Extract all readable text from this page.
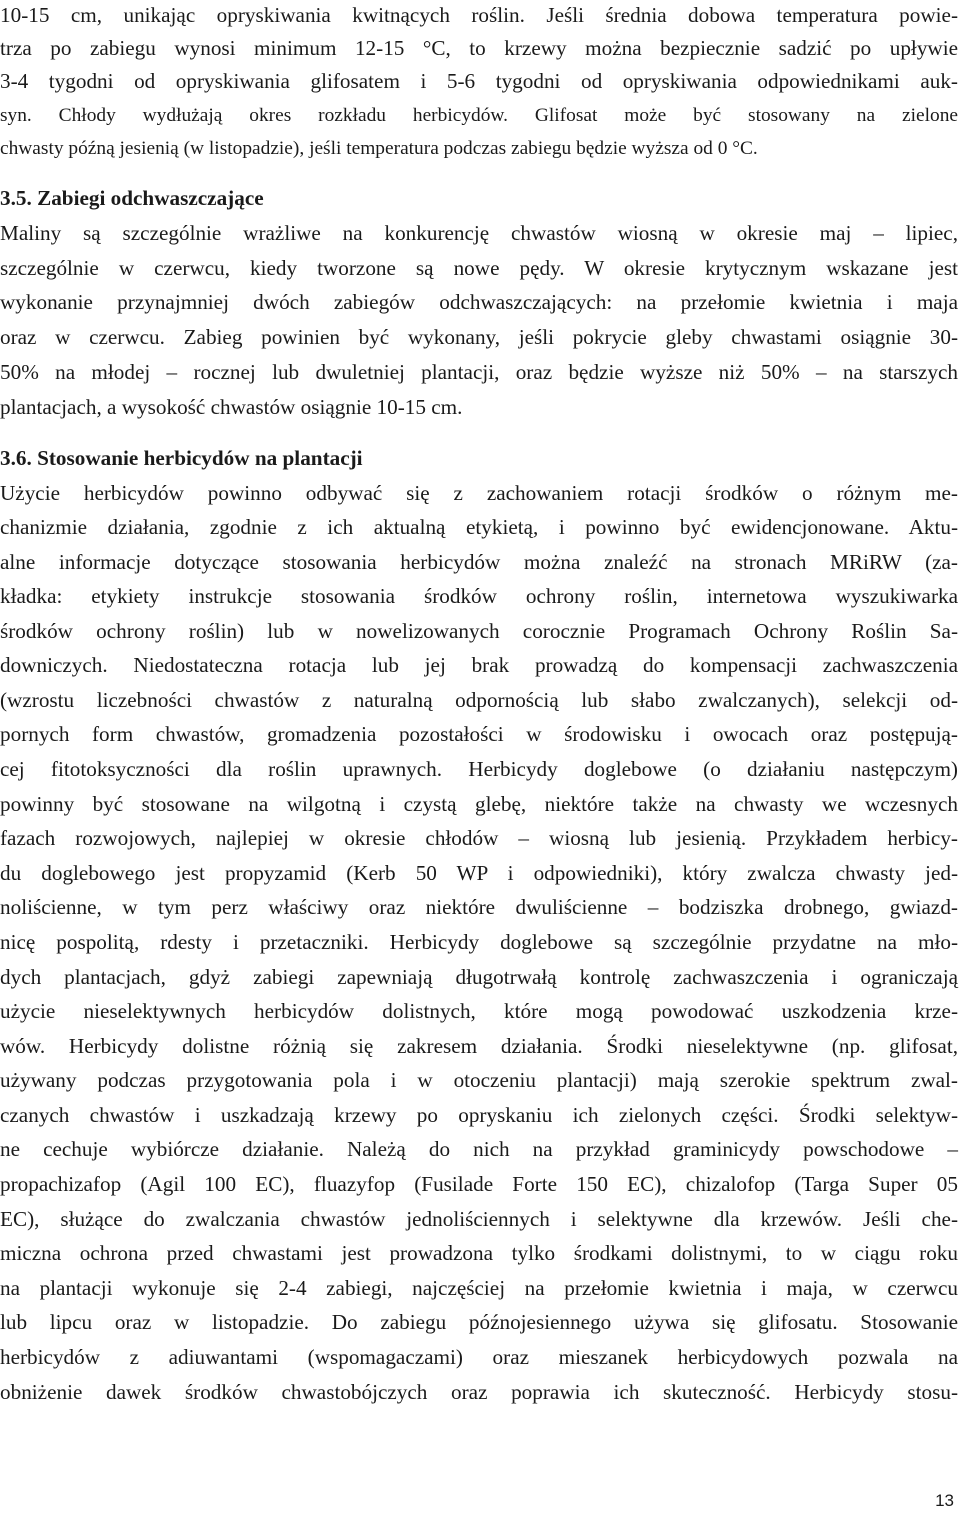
10-15 cm, unikając opryskiwania kwitnących roślin. Jeśli średnia dobowa temperatura powie-
trza po zabiegu wynosi minimum 12-15 °C, to krzewy można bezpiecznie sadzić po upływie
3-4 tygodni od opryskiwania glifosatem i 5-6 tygodni od opryskiwania odpowiednikami auk-
syn. Chłody wydłużają okres rozkładu herbicydów. Glifosat może być stosowany na zielone
chwasty późną jesienią (w listopadzie), jeśli temperatura podczas zabiegu będzie wyższa od 0 °C.
3.5. Zabiegi odchwaszczające
Maliny są szczególnie wrażliwe na konkurencję chwastów wiosną w okresie maj – lipiec,
szczególnie w czerwcu, kiedy tworzone są nowe pędy. W okresie krytycznym wskazane jest
wykonanie przynajmniej dwóch zabiegów odchwaszczających: na przełomie kwietnia i maja
oraz w czerwcu. Zabieg powinien być wykonany, jeśli pokrycie gleby chwastami osiągnie 30-
50% na młodej – rocznej lub dwuletniej plantacji, oraz będzie wyższe niż 50% – na starszych
plantacjach, a wysokość chwastów osiągnie 10-15 cm.
3.6. Stosowanie herbicydów na plantacji
Użycie herbicydów powinno odbywać się z zachowaniem rotacji środków o różnym me-
chanizmie działania, zgodnie z ich aktualną etykietą, i powinno być ewidencjonowane. Aktu-
alne informacje dotyczące stosowania herbicydów można znaleźć na stronach MRiRW (za-
kładka: etykiety instrukcje stosowania środków ochrony roślin, internetowa wyszukiwarka
środków ochrony roślin) lub w nowelizowanych corocznie Programach Ochrony Roślin Sa-
downiczych. Niedostateczna rotacja lub jej brak prowadzą do kompensacji zachwaszczenia
(wzrostu liczebności chwastów z naturalną odpornością lub słabo zwalczanych), selekcji od-
pornych form chwastów, gromadzenia pozostałości w środowisku i owocach oraz postępują-
cej fitotoksyczności dla roślin uprawnych. Herbicydy doglebowe (o działaniu następczym)
powinny być stosowane na wilgotną i czystą glebę, niektóre także na chwasty we wczesnych
fazach rozwojowych, najlepiej w okresie chłodów – wiosną lub jesienią. Przykładem herbicy-
du doglebowego jest propyzamid (Kerb 50 WP i odpowiedniki), który zwalcza chwasty jed-
noliścienne, w tym perz właściwy oraz niektóre dwuliścienne – bodziszka drobnego, gwiazd-
nicę pospolitą, rdesty i przetaczniki. Herbicydy doglebowe są szczególnie przydatne na mło-
dych plantacjach, gdyż zabiegi zapewniają długotrwałą kontrolę zachwaszczenia i ograniczają
użycie nieselektywnych herbicydów dolistnych, które mogą powodować uszkodzenia krze-
wów. Herbicydy dolistne różnią się zakresem działania. Środki nieselektywne (np. glifosat,
używany podczas przygotowania pola i w otoczeniu plantacji) mają szerokie spektrum zwal-
czanych chwastów i uszkadzają krzewy po opryskaniu ich zielonych części. Środki selektyw-
ne cechuje wybiórcze działanie. Należą do nich na przykład graminicydy powschodowe –
propachizafop (Agil 100 EC), fluazyfop (Fusilade Forte 150 EC), chizalofop (Targa Super 05
EC), służące do zwalczania chwastów jednoliściennych i selektywne dla krzewów. Jeśli che-
miczna ochrona przed chwastami jest prowadzona tylko środkami dolistnymi, to w ciągu roku
na plantacji wykonuje się 2-4 zabiegi, najczęściej na przełomie kwietnia i maja, w czerwcu
lub lipcu oraz w listopadzie. Do zabiegu późnojesiennego używa się glifosatu. Stosowanie
herbicydów z adiuwantami (wspomagaczami) oraz mieszanek herbicydowych pozwala na
obniżenie dawek środków chwastobójczych oraz poprawia ich skuteczność. Herbicydy stosu-
13
